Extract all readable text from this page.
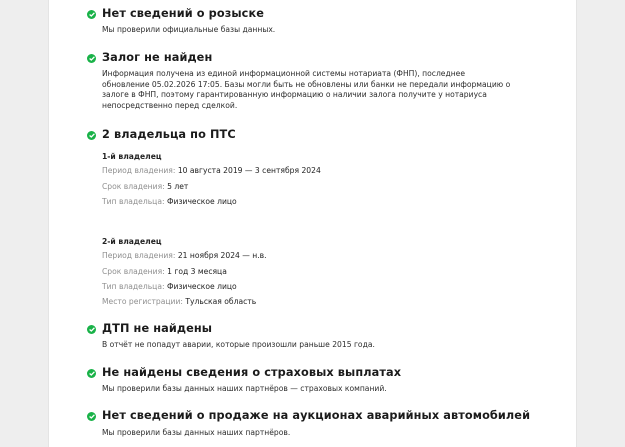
Нет сведений о розыске
Мы проверили официальные базы данных.
Залог не найден
Информация получена из единой информационной системы нотариата (ФНП), последнее
обновление 05.02.2026 17:05. Базы могли быть не обновлены или банки не передали информацию о
залоге в ФНП, поэтому гарантированную информацию о наличии залога получите у нотариуса
непосредственно перед сделкой.
2 владельца по ПТС
1-й владелец
Период владения: 10 августа 2019 — 3 сентября 2024
Срок владения: 5 лет
Тип владельца: Физическое лицо
2-й владелец
Период владения: 21 ноября 2024 — н.в.
Срок владения: 1 год 3 месяца
Тип владельца: Физическое лицо
Место регистрации: Тульская область
ДТП не найдены
В отчёт не попадут аварии, которые произошли раньше 2015 года.
Не найдены сведения о страховых выплатах
Мы проверили базы данных наших партнёров — страховых компаний.
Нет сведений о продаже на аукционах аварийных автомобилей
Мы проверили базы данных наших партнёров.
